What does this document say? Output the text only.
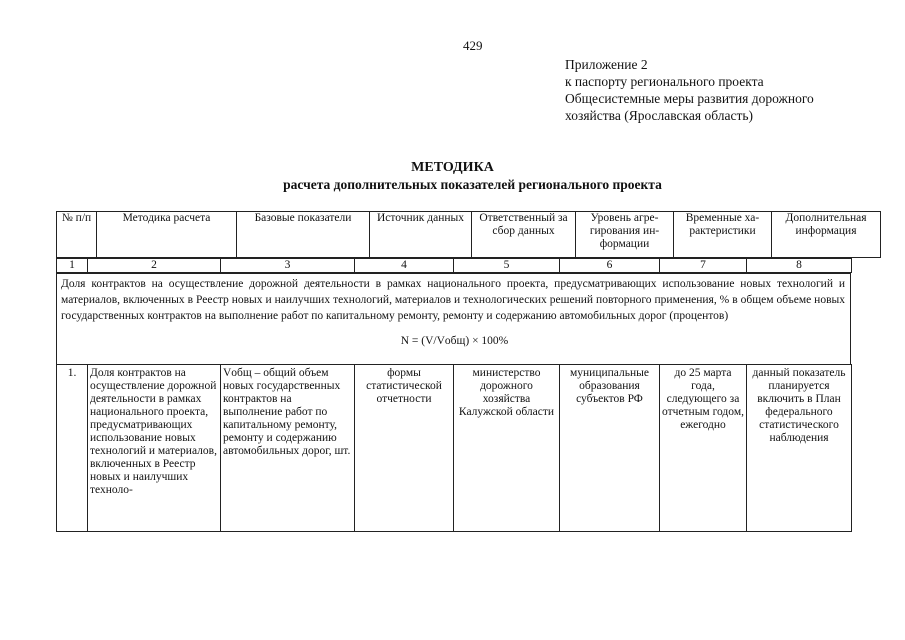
429
Приложение 2
к паспорту регионального проекта
Общесистемные меры развития дорожного
хозяйства (Ярославская область)
МЕТОДИКА
расчета дополнительных показателей регионального проекта
№ п/п	Методика расчета	Базовые показатели	Источник данных	Ответственный за сбор данных	Уровень агре-гирования ин-формации	Временные ха-рактеристики	Дополнительная информация
1	2	3	4	5	6	7	8
Доля контрактов на осуществление дорожной деятельности в рамках национального проекта, предусматривающих использование новых технологий и материалов, включенных в Реестр новых и наилучших технологий, материалов и технологических решений повторного применения, % в общем объеме новых государственных контрактов на выполнение работ по капитальному ремонту, ремонту и содержанию автомобильных дорог (процентов)
N = (V/Vобщ) × 100%
1.	Доля контрактов на осуществление дорожной деятельности в рамках национального проекта, предусматривающих использование новых технологий и материалов, включенных в Реестр новых и наилучших техноло-	Vобщ – общий объем новых государственных контрактов на выполнение работ по капитальному ремонту, ремонту и содержанию автомобильных дорог, шт.	формы статистической отчетности	министерство дорожного хозяйства Калужской области	муниципальные образования субъектов РФ	до 25 марта года, следующего за отчетным годом, ежегодно	данный показатель планируется включить в План федерального статистического наблюдения
